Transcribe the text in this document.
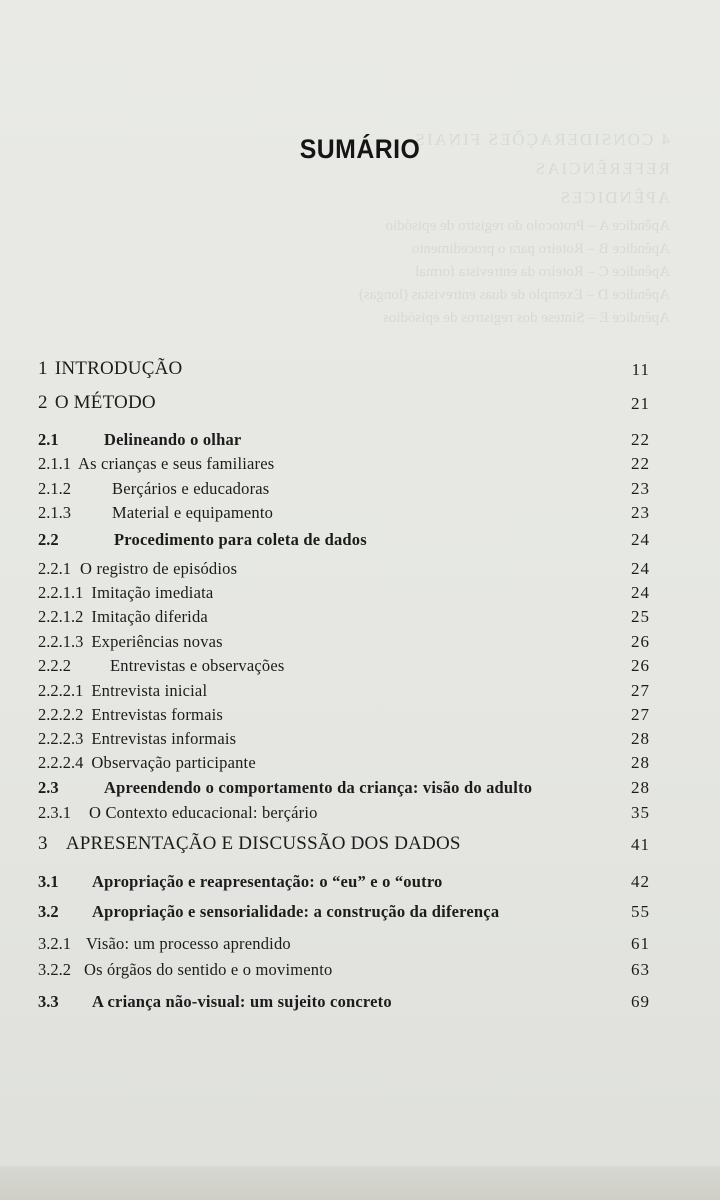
4 CONSIDERAÇÕES FINAIS
REFERÊNCIAS
APÊNDICES
Apêndice A – Protocolo do registro de episódio
Apêndice B – Roteiro para o procedimento
Apêndice C – Roteiro da entrevista formal
Apêndice D – Exemplo de duas entrevistas (longas)
Apêndice E – Síntese dos registros de episódios
SUMÁRIO
1 INTRODUÇÃO	11
2 O MÉTODO	21
2.1	Delineando o olhar	22
2.1.1 As crianças e seus familiares	22
2.1.2 Berçários e educadoras	23
2.1.3 Material e equipamento	23
2.2	Procedimento para coleta de dados	24
2.2.1 O registro de episódios	24
2.2.1.1 Imitação imediata	24
2.2.1.2 Imitação diferida	25
2.2.1.3 Experiências novas	26
2.2.2 Entrevistas e observações	26
2.2.2.1 Entrevista inicial	27
2.2.2.2 Entrevistas formais	27
2.2.2.3 Entrevistas informais	28
2.2.2.4 Observação participante	28
2.3	Apreendendo o comportamento da criança: visão do adulto	28
2.3.1 O Contexto educacional: berçário	35
3 APRESENTAÇÃO E DISCUSSÃO DOS DADOS	41
3.1 Apropriação e reapresentação: o “eu” e o “outro	42
3.2 Apropriação e sensorialidade: a construção da diferença	55
3.2.1 Visão: um processo aprendido	61
3.2.2 Os órgãos do sentido e o movimento	63
3.3 A criança não-visual: um sujeito concreto	69
